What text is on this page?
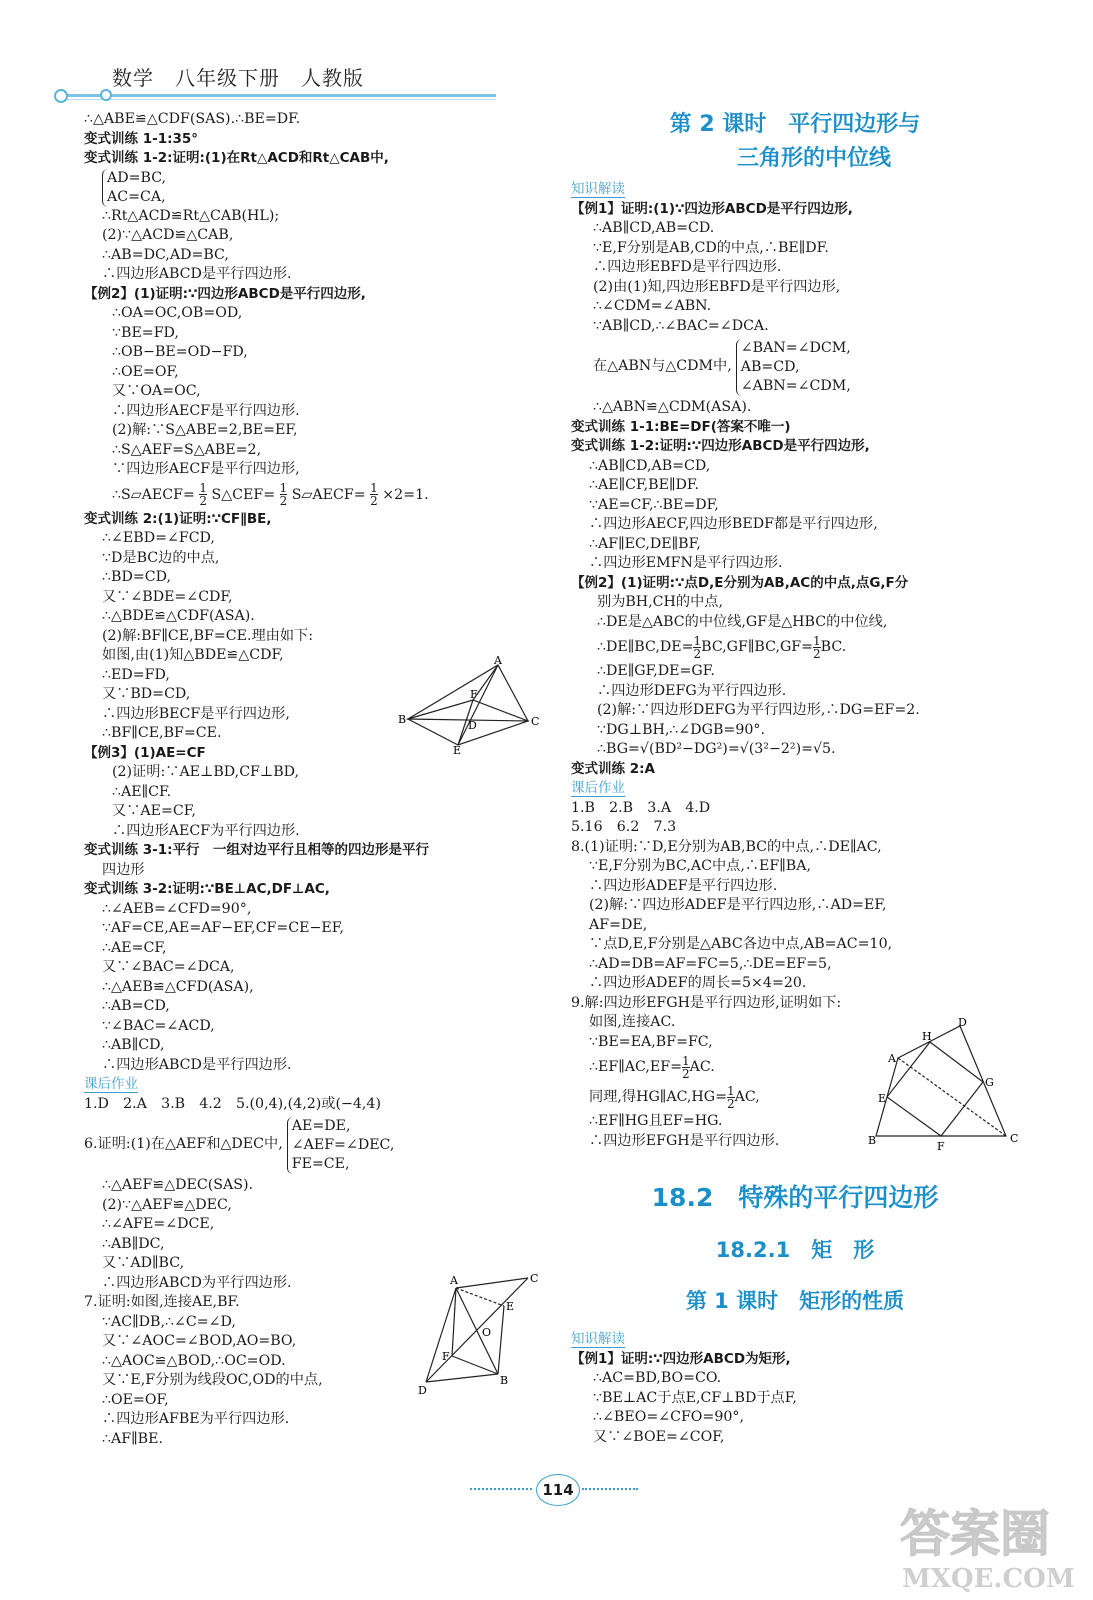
数学　八年级下册　人教版
∴△ABE≌△CDF(SAS).∴BE=DF.
变式训练 1-1:35°
变式训练 1-2:证明:(1)在Rt△ACD和Rt△CAB中,
AD=BC,
AC=CA,
∴Rt△ACD≌Rt△CAB(HL);
(2)∵△ACD≌△CAB,
∴AB=DC,AD=BC,
∴四边形ABCD是平行四边形.
【例2】(1)证明:∵四边形ABCD是平行四边形,
∴OA=OC,OB=OD,
∵BE=FD,
∴OB−BE=OD−FD,
∴OE=OF,
又∵OA=OC,
∴四边形AECF是平行四边形.
(2)解:∵S△ABE=2,BE=EF,
∴S△AEF=S△ABE=2,
∵四边形AECF是平行四边形,
∴S▱AECF= $\frac{1}{2}$ S△CEF= $\frac{1}{2}$ S▱AECF= $\frac{1}{2} \times 2=1$.
变式训练 2:(1)证明:∵CF∥BE,
∴∠EBD=∠FCD,
∵D是BC边的中点,
∴BD=CD,
又∵∠BDE=∠CDF,
∴△BDE≌△CDF(ASA).
(2)解:BF∥CE,BF=CE.理由如下:
如图,由(1)知△BDE≌△CDF,
∴ED=FD,
又∵BD=CD,
∴四边形BECF是平行四边形,
∴BF∥CE,BF=CE.
【例3】(1)AE=CF
(2)证明:∵AE⊥BD,CF⊥BD,
∴AE∥CF.
又∵AE=CF,
∴四边形AECF为平行四边形.
变式训练 3-1:平行　一组对边平行且相等的四边形是平行
四边形
变式训练 3-2:证明:∵BE⊥AC,DF⊥AC,
∴∠AEB=∠CFD=90°,
∵AF=CE,AE=AF−EF,CF=CE−EF,
∴AE=CF,
又∵∠BAC=∠DCA,
∴△AEB≌△CFD(ASA),
∴AB=CD,
∵∠BAC=∠ACD,
∴AB∥CD,
∴四边形ABCD是平行四边形.
课后作业
1.D　2.A　3.B　4.2　5.(0,4),(4,2)或(−4,4)
6.证明:(1)在△AEF和△DEC中,
AE=DE,
∠AEF=∠DEC,
FE=CE,
∴△AEF≌△DEC(SAS).
(2)∵△AEF≌△DEC,
∴∠AFE=∠DCE,
∴AB∥DC,
又∵AD∥BC,
∴四边形ABCD为平行四边形.
7.证明:如图,连接AE,BF.
∵AC∥DB,∴∠C=∠D,
又∵∠AOC=∠BOD,AO=BO,
∴△AOC≌△BOD,∴OC=OD.
又∵E,F分别为线段OC,OD的中点,
∴OE=OF,
∴四边形AFBE为平行四边形.
∴AF∥BE.
A
B	C
D
E
F
A
B
C
D
E
F
O
第 2 课时　平行四边形与
三角形的中位线
知识解读
【例1】证明:(1)∵四边形ABCD是平行四边形,
∴AB∥CD,AB=CD.
∵E,F分别是AB,CD的中点,∴BE∥DF.
∴四边形EBFD是平行四边形.
(2)由(1)知,四边形EBFD是平行四边形,
∴∠CDM=∠ABN.
∵AB∥CD,∴∠BAC=∠DCA.
在△ABN与△CDM中,
∠BAN=∠DCM,
AB=CD,
∠ABN=∠CDM,
∴△ABN≌△CDM(ASA).
变式训练 1-1:BE=DF(答案不唯一)
变式训练 1-2:证明:∵四边形ABCD是平行四边形,
∴AB∥CD,AB=CD,
∴AE∥CF,BE∥DF.
∵AE=CF,∴BE=DF,
∴四边形AECF,四边形BEDF都是平行四边形,
∴AF∥EC,DE∥BF,
∴四边形EMFN是平行四边形.
【例2】(1)证明:∵点D,E分别为AB,AC的中点,点G,F分
别为BH,CH的中点,
∴DE是△ABC的中位线,GF是△HBC的中位线,
∴DE∥BC,DE= $\frac{1}{2}$ BC,GF∥BC,GF= $\frac{1}{2}$ BC.
∴DE∥GF,DE=GF.
∴四边形DEFG为平行四边形.
(2)解:∵四边形DEFG为平行四边形,∴DG=EF=2.
∵DG⊥BH,∴∠DGB=90°.
∴BG=√(BD²−DG²)=√(3²−2²)=√5.
变式训练 2:A
课后作业
1.B　2.B　3.A　4.D
5.16　6.2　7.3
8.(1)证明:∵D,E分别为AB,BC的中点,∴DE∥AC,
∵E,F分别为BC,AC中点,∴EF∥BA,
∴四边形ADEF是平行四边形.
(2)解:∵四边形ADEF是平行四边形,∴AD=EF,
AF=DE,
∵点D,E,F分别是△ABC各边中点,AB=AC=10,
∴AD=DB=AF=FC=5,∴DE=EF=5,
∴四边形ADEF的周长=5×4=20.
9.解:四边形EFGH是平行四边形,证明如下:
如图,连接AC.
∵BE=EA,BF=FC,
∴EF∥AC,EF= $\frac{1}{2}$ AC.
同理,得HG∥AC,HG= $\frac{1}{2}$ AC,
∴EF∥HG且EF=HG.
∴四边形EFGH是平行四边形.
A
B	C
D
E
F
G
H
18.2　特殊的平行四边形
18.2.1　矩　形
第 1 课时　矩形的性质
知识解读
【例1】证明:∵四边形ABCD为矩形,
∴AC=BD,BO=CO.
∵BE⊥AC于点E,CF⊥BD于点F,
∴∠BEO=∠CFO=90°,
又∵∠BOE=∠COF,
114
答案圈
MXQE.COM
